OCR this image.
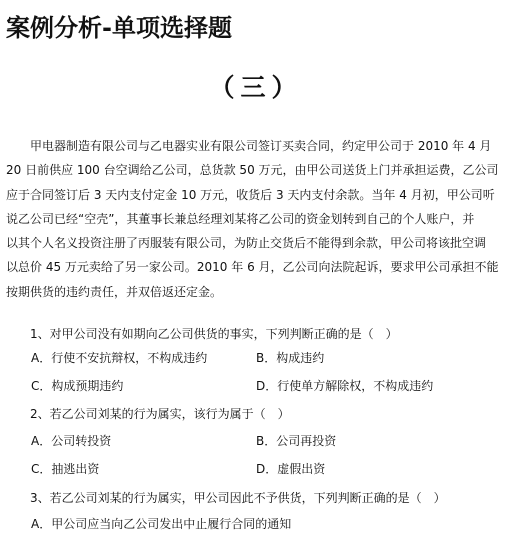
案例分析-单项选择题
（三）
　　甲电器制造有限公司与乙电器实业有限公司签订买卖合同，约定甲公司于 2010 年 4 月
20 日前供应 100 台空调给乙公司，总货款 50 万元，由甲公司送货上门并承担运费，乙公司
应于合同签订后 3 天内支付定金 10 万元，收货后 3 天内支付余款。当年 4 月初，甲公司听
说乙公司已经“空壳”，其董事长兼总经理刘某将乙公司的资金划转到自己的个人账户，并
以其个人名义投资注册了丙服装有限公司，为防止交货后不能得到余款，甲公司将该批空调
以总价 45 万元卖给了另一家公司。2010 年 6 月，乙公司向法院起诉，要求甲公司承担不能
按期供货的违约责任，并双倍返还定金。
1、对甲公司没有如期向乙公司供货的事实，下列判断正确的是（　）
A．行使不安抗辩权，不构成违约	B．构成违约
C．构成预期违约	D．行使单方解除权，不构成违约
2、若乙公司刘某的行为属实，该行为属于（　）
A．公司转投资	B．公司再投资
C．抽逃出资	D．虚假出资
3、若乙公司刘某的行为属实，甲公司因此不予供货，下列判断正确的是（　）
A．甲公司应当向乙公司发出中止履行合同的通知
